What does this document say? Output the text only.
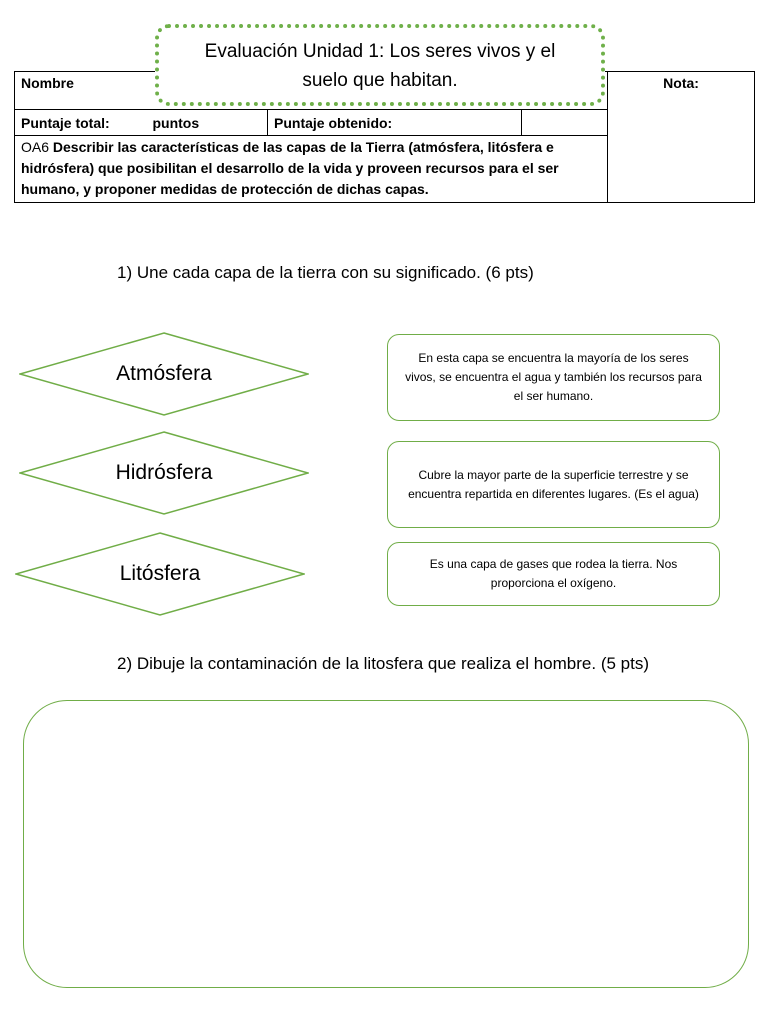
Nombre			Nota:
Puntaje total: puntos	Puntaje obtenido:		
OA6 Describir las características de las capas de la Tierra (atmósfera, litósfera e hidrósfera) que posibilitan el desarrollo de la vida y proveen recursos para el ser humano, y proponer medidas de protección de dichas capas.			
Evaluación Unidad 1: Los seres vivos y el
suelo que habitan.
1) Une cada capa de la tierra con su significado. (6 pts)
Atmósfera
Hidrósfera
Litósfera
En esta capa se encuentra la mayoría de los seres vivos, se encuentra el agua y también los recursos para el ser humano.
Cubre la mayor parte de la superficie terrestre y se encuentra repartida en diferentes lugares. (Es el agua)
Es una capa de gases que rodea la tierra. Nos proporciona el oxígeno.
2) Dibuje la contaminación de la litosfera que realiza el hombre. (5 pts)
